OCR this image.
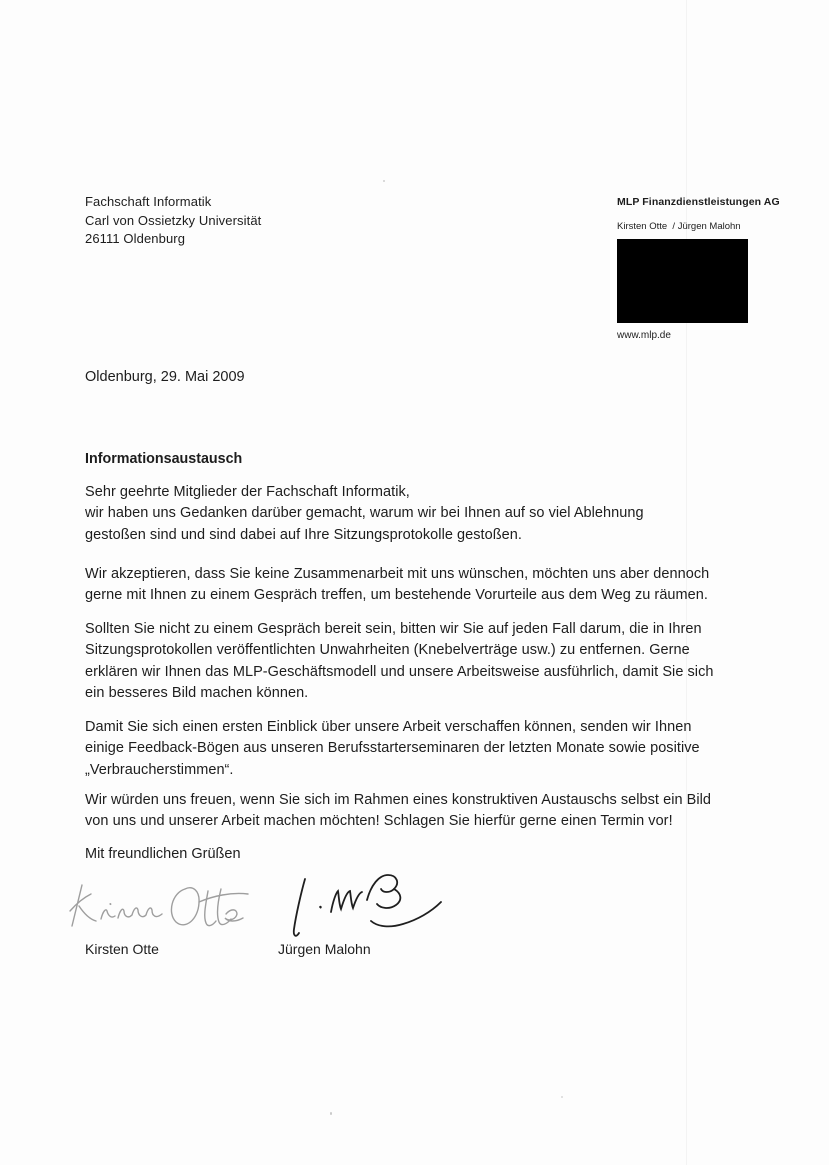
Fachschaft Informatik
Carl von Ossietzky Universität
26111 Oldenburg
MLP Finanzdienstleistungen AG
Kirsten Otte  / Jürgen Malohn
www.mlp.de
Oldenburg, 29. Mai 2009
Informationsaustausch
Sehr geehrte Mitglieder der Fachschaft Informatik,
wir haben uns Gedanken darüber gemacht, warum wir bei Ihnen auf so viel Ablehnung
gestoßen sind und sind dabei auf Ihre Sitzungsprotokolle gestoßen.
Wir akzeptieren, dass Sie keine Zusammenarbeit mit uns wünschen, möchten uns aber dennoch
gerne mit Ihnen zu einem Gespräch treffen, um bestehende Vorurteile aus dem Weg zu räumen.
Sollten Sie nicht zu einem Gespräch bereit sein, bitten wir Sie auf jeden Fall darum, die in Ihren
Sitzungsprotokollen veröffentlichten Unwahrheiten (Knebelverträge usw.) zu entfernen. Gerne
erklären wir Ihnen das MLP-Geschäftsmodell und unsere Arbeitsweise ausführlich, damit Sie sich
ein besseres Bild machen können.
Damit Sie sich einen ersten Einblick über unsere Arbeit verschaffen können, senden wir Ihnen
einige Feedback-Bögen aus unseren Berufsstarterseminaren der letzten Monate sowie positive
„Verbraucherstimmen“.
Wir würden uns freuen, wenn Sie sich im Rahmen eines konstruktiven Austauschs selbst ein Bild
von uns und unserer Arbeit machen möchten! Schlagen Sie hierfür gerne einen Termin vor!
Mit freundlichen Grüßen
Kirsten Otte	Jürgen Malohn
